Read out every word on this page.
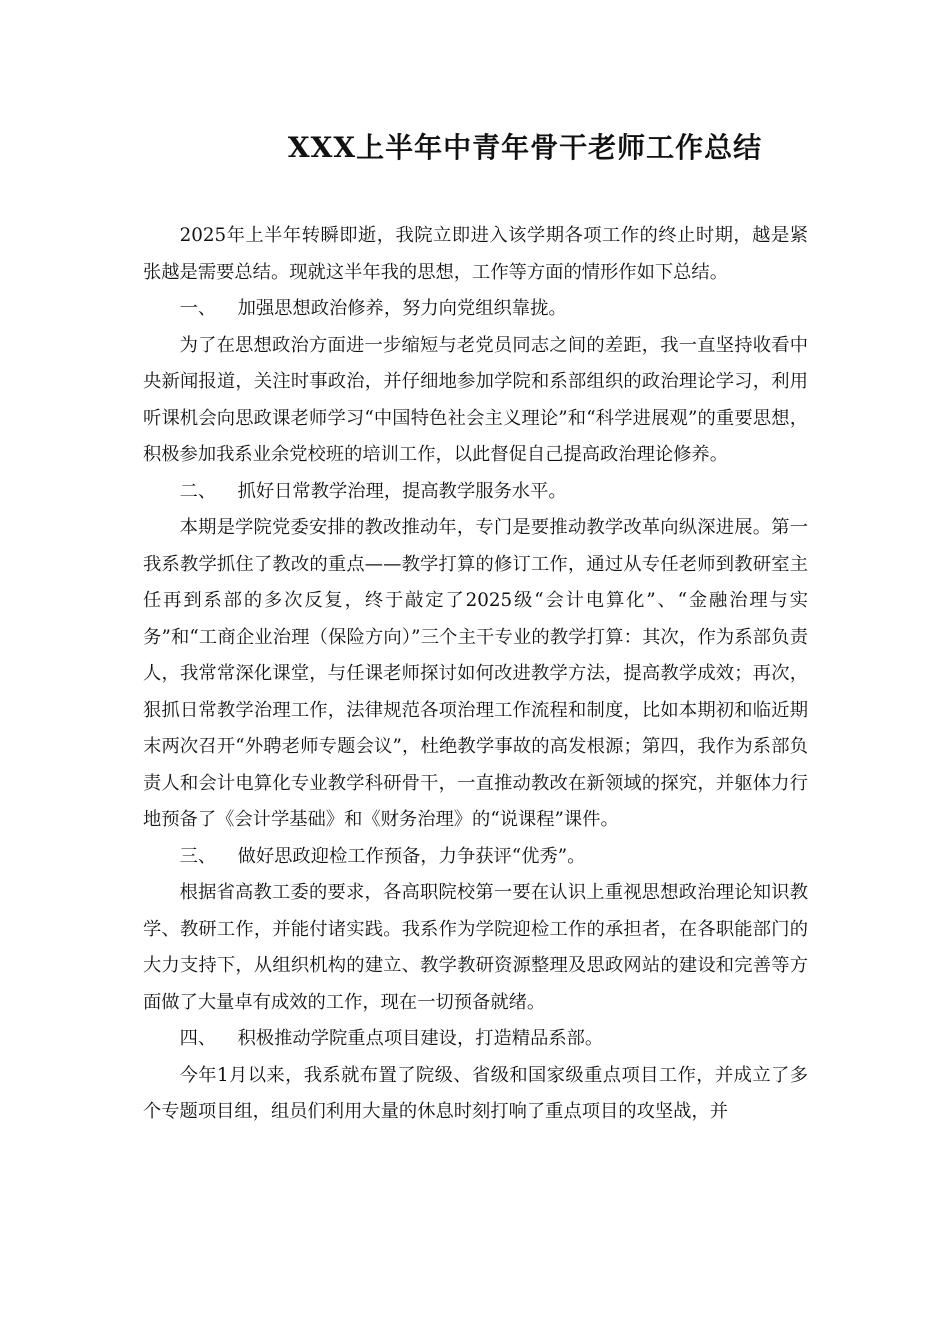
XXX上半年中青年骨干老师工作总结

2025年上半年转瞬即逝，我院立即进入该学期各项工作的终止时期，越是紧张越是需要总结。现就这半年我的思想，工作等方面的情形作如下总结。

一、 加强思想政治修养，努力向党组织靠拢。

为了在思想政治方面进一步缩短与老党员同志之间的差距，我一直坚持收看中央新闻报道，关注时事政治，并仔细地参加学院和系部组织的政治理论学习，利用听课机会向思政课老师学习“中国特色社会主义理论”和“科学进展观”的重要思想，积极参加我系业余党校班的培训工作，以此督促自己提高政治理论修养。

二、 抓好日常教学治理，提高教学服务水平。

本期是学院党委安排的教改推动年，专门是要推动教学改革向纵深进展。第一我系教学抓住了教改的重点——教学打算的修订工作，通过从专任老师到教研室主任再到系部的多次反复，终于敲定了2025级“会计电算化”、“金融治理与实务”和“工商企业治理（保险方向）”三个主干专业的教学打算：其次，作为系部负责人，我常常深化课堂，与任课老师探讨如何改进教学方法，提高教学成效；再次，狠抓日常教学治理工作，法律规范各项治理工作流程和制度，比如本期初和临近期末两次召开“外聘老师专题会议”，杜绝教学事故的高发根源；第四，我作为系部负责人和会计电算化专业教学科研骨干，一直推动教改在新领域的探究，并躯体力行地预备了《会计学基础》和《财务治理》的“说课程”课件。

三、 做好思政迎检工作预备，力争获评“优秀”。

根据省高教工委的要求，各高职院校第一要在认识上重视思想政治理论知识教学、教研工作，并能付诸实践。我系作为学院迎检工作的承担者，在各职能部门的大力支持下，从组织机构的建立、教学教研资源整理及思政网站的建设和完善等方面做了大量卓有成效的工作，现在一切预备就绪。

四、 积极推动学院重点项目建设，打造精品系部。

今年1月以来，我系就布置了院级、省级和国家级重点项目工作，并成立了多个专题项目组，组员们利用大量的休息时刻打响了重点项目的攻坚战，并
